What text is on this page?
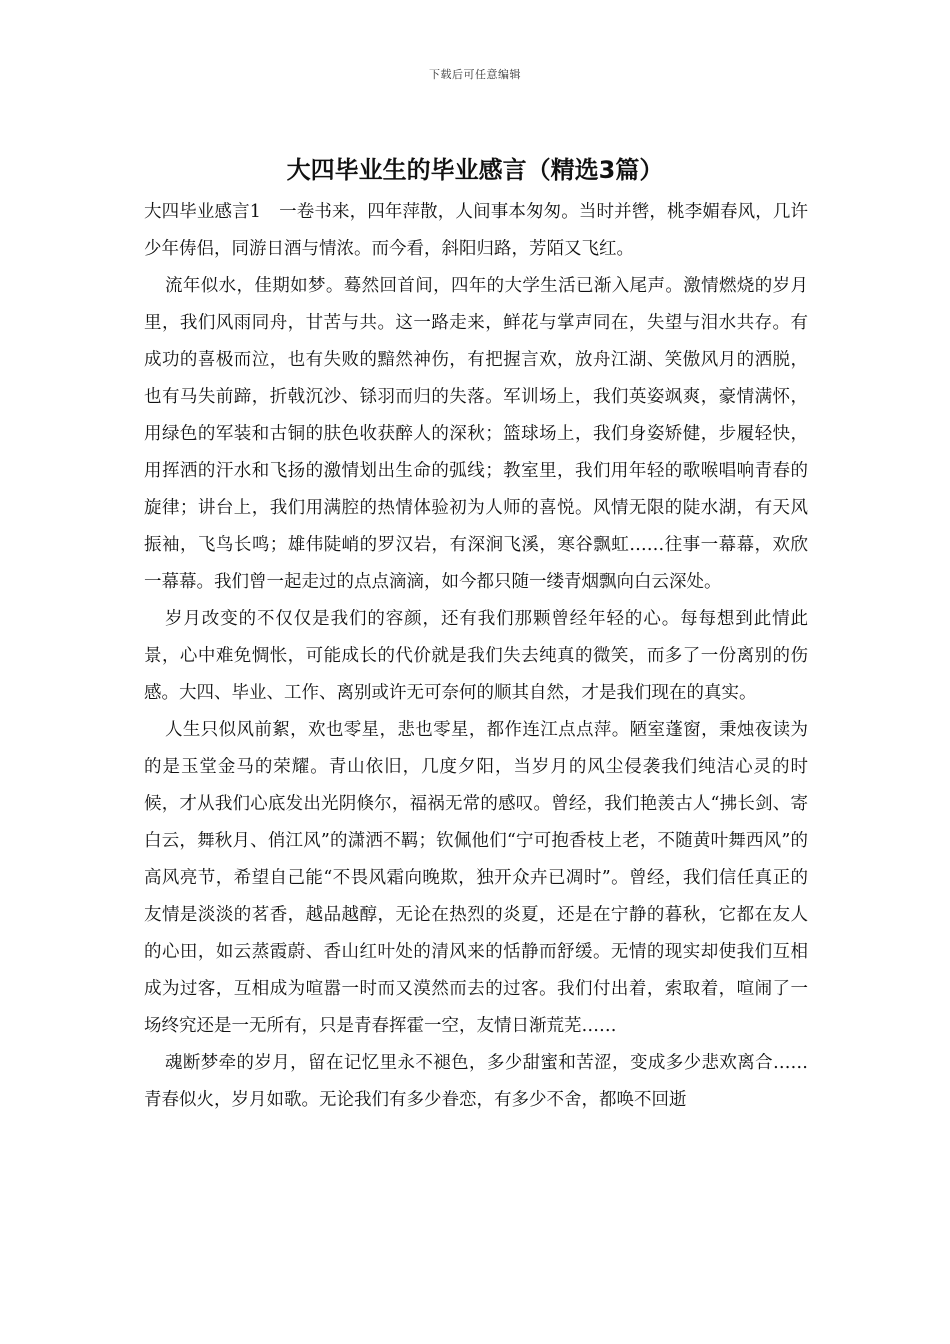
下载后可任意编辑
大四毕业生的毕业感言（精选3篇）

大四毕业感言1 一卷书来，四年萍散，人间事本匆匆。当时并辔，桃李媚春风，几许少年俦侣，同游日酒与情浓。而今看，斜阳归路，芳陌又飞红。

流年似水，佳期如梦。蓦然回首间，四年的大学生活已渐入尾声。激情燃烧的岁月里，我们风雨同舟，甘苦与共。这一路走来，鲜花与掌声同在，失望与泪水共存。有成功的喜极而泣，也有失败的黯然神伤，有把握言欢，放舟江湖、笑傲风月的洒脱，也有马失前蹄，折戟沉沙、铩羽而归的失落。军训场上，我们英姿飒爽，豪情满怀，用绿色的军装和古铜的肤色收获醉人的深秋；篮球场上，我们身姿矫健，步履轻快，用挥洒的汗水和飞扬的激情划出生命的弧线；教室里，我们用年轻的歌喉唱响青春的旋律；讲台上，我们用满腔的热情体验初为人师的喜悦。风情无限的陡水湖，有天风振袖，飞鸟长鸣；雄伟陡峭的罗汉岩，有深涧飞溪，寒谷飘虹……往事一幕幕，欢欣一幕幕。我们曾一起走过的点点滴滴，如今都只随一缕青烟飘向白云深处。

岁月改变的不仅仅是我们的容颜，还有我们那颗曾经年轻的心。每每想到此情此景，心中难免惆怅，可能成长的代价就是我们失去纯真的微笑，而多了一份离别的伤感。大四、毕业、工作、离别或许无可奈何的顺其自然，才是我们现在的真实。

人生只似风前絮，欢也零星，悲也零星，都作连江点点萍。陋室蓬窗，秉烛夜读为的是玉堂金马的荣耀。青山依旧，几度夕阳，当岁月的风尘侵袭我们纯洁心灵的时候，才从我们心底发出光阴倏尔，福祸无常的感叹。曾经，我们艳羡古人“拂长剑、寄白云，舞秋月、俏江风”的潇洒不羁；钦佩他们“宁可抱香枝上老，不随黄叶舞西风”的高风亮节，希望自己能“不畏风霜向晚欺，独开众卉已凋时”。曾经，我们信任真正的友情是淡淡的茗香，越品越醇，无论在热烈的炎夏，还是在宁静的暮秋，它都在友人的心田，如云蒸霞蔚、香山红叶处的清风来的恬静而舒缓。无情的现实却使我们互相成为过客，互相成为喧嚣一时而又漠然而去的过客。我们付出着，索取着，喧闹了一场终究还是一无所有，只是青春挥霍一空，友情日渐荒芜……

魂断梦牵的岁月，留在记忆里永不褪色，多少甜蜜和苦涩，变成多少悲欢离合……青春似火，岁月如歌。无论我们有多少眷恋，有多少不舍，都唤不回逝
